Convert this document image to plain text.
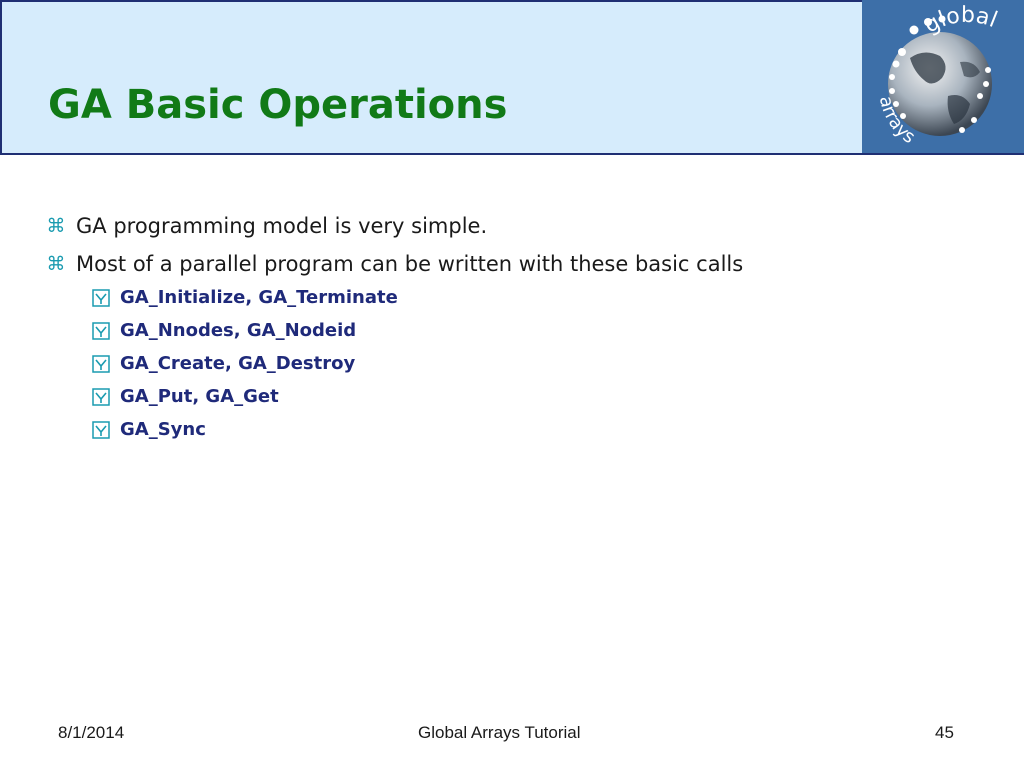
GA Basic Operations
global
arrays
⌘ GA programming model is very simple.
⌘ Most of a parallel program can be written with these basic calls
GA_Initialize, GA_Terminate
GA_Nnodes, GA_Nodeid
GA_Create, GA_Destroy
GA_Put, GA_Get
GA_Sync
8/1/2014	Global Arrays Tutorial	45
